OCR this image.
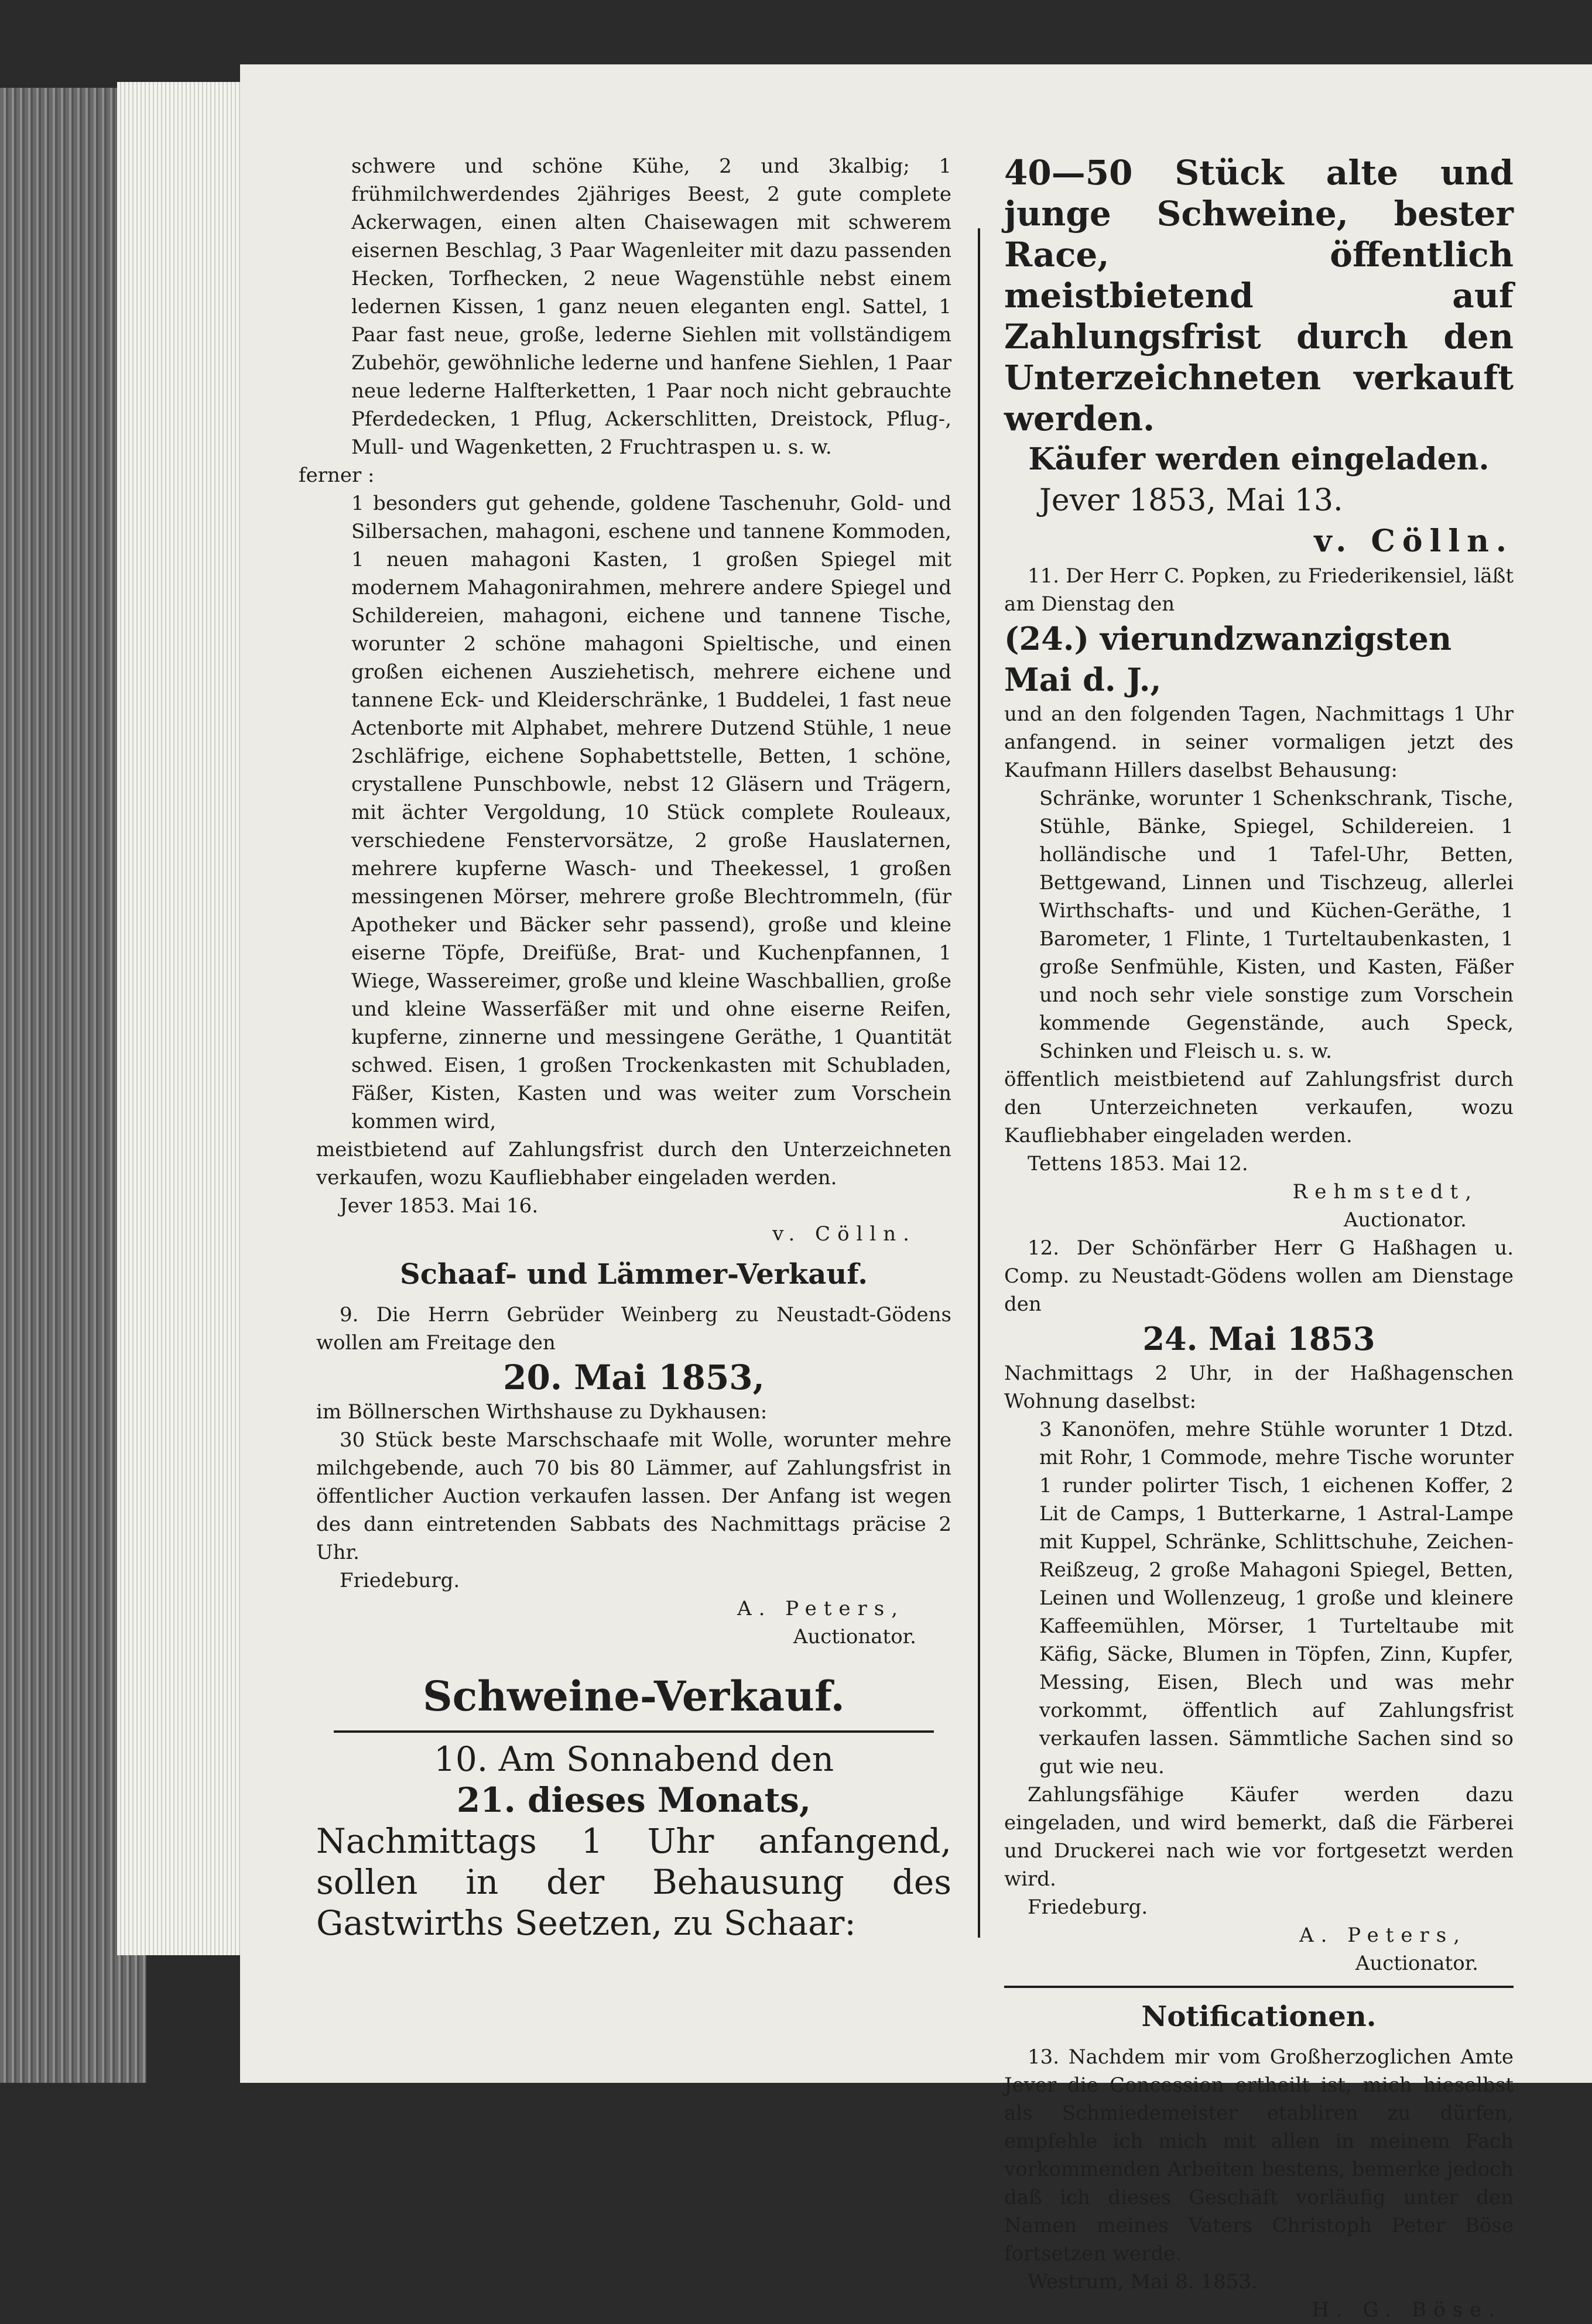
schwere und schöne Kühe, 2 und 3kalbig; 1 frühmilchwerdendes 2jähriges Beest, 2 gute complete Ackerwagen, einen alten Chaisewagen mit schwerem eisernen Beschlag, 3 Paar Wagenleiter mit dazu passenden Hecken, Torfhecken, 2 neue Wagenstühle nebst einem ledernen Kissen, 1 ganz neuen eleganten engl. Sattel, 1 Paar fast neue, große, lederne Siehlen mit vollständigem Zubehör, gewöhnliche lederne und hanfene Siehlen, 1 Paar neue lederne Halfterketten, 1 Paar noch nicht gebrauchte Pferdedecken, 1 Pflug, Ackerschlitten, Dreistock, Pflug-, Mull- und Wagenketten, 2 Fruchtraspen u. s. w.

ferner :

1 besonders gut gehende, goldene Taschenuhr, Gold- und Silbersachen, mahagoni, eschene und tannene Kommoden, 1 neuen mahagoni Kasten, 1 großen Spiegel mit modernem Mahagonirahmen, mehrere andere Spiegel und Schildereien, mahagoni, eichene und tannene Tische, worunter 2 schöne mahagoni Spieltische, und einen großen eichenen Ausziehetisch, mehrere eichene und tannene Eck- und Kleiderschränke, 1 Buddelei, 1 fast neue Actenborte mit Alphabet, mehrere Dutzend Stühle, 1 neue 2schläfrige, eichene Sophabettstelle, Betten, 1 schöne, crystallene Punschbowle, nebst 12 Gläsern und Trägern, mit ächter Vergoldung, 10 Stück complete Rouleaux, verschiedene Fenstervorsätze, 2 große Hauslaternen, mehrere kupferne Wasch- und Theekessel, 1 großen messingenen Mörser, mehrere große Blechtrommeln, (für Apotheker und Bäcker sehr passend), große und kleine eiserne Töpfe, Dreifüße, Brat- und Kuchenpfannen, 1 Wiege, Wassereimer, große und kleine Waschballien, große und kleine Wasserfäßer mit und ohne eiserne Reifen, kupferne, zinnerne und messingene Geräthe, 1 Quantität schwed. Eisen, 1 großen Trockenkasten mit Schubladen, Fäßer, Kisten, Kasten und was weiter zum Vorschein kommen wird,

meistbietend auf Zahlungsfrist durch den Unterzeichneten verkaufen, wozu Kaufliebhaber eingeladen werden.

Jever 1853. Mai 16.

v. Cölln.

Schaaf- und Lämmer-Verkauf.

9. Die Herrn Gebrüder Weinberg zu Neustadt-Gödens wollen am Freitage den

20. Mai 1853,

im Böllnerschen Wirthshause zu Dykhausen:

30 Stück beste Marschschaafe mit Wolle, worunter mehre milchgebende, auch 70 bis 80 Lämmer, auf Zahlungsfrist in öffentlicher Auction verkaufen lassen. Der Anfang ist wegen des dann eintretenden Sabbats des Nachmittags präcise 2 Uhr.

Friedeburg.

A. Peters,

Auctionator.

Schweine-Verkauf.

10. Am Sonnabend den

21. dieses Monats,

Nachmittags 1 Uhr anfangend, sollen in der Behausung des Gastwirths Seetzen, zu Schaar:

40—50 Stück alte und junge Schweine, bester Race, öffentlich meistbietend auf Zahlungsfrist durch den Unterzeichneten verkauft werden.

Käufer werden eingeladen.

Jever 1853, Mai 13.

v. Cölln.

11. Der Herr C. Popken, zu Friederikensiel, läßt am Dienstag den

(24.) vierundzwanzigsten Mai d. J.,

und an den folgenden Tagen, Nachmittags 1 Uhr anfangend. in seiner vormaligen jetzt des Kaufmann Hillers daselbst Behausung:

Schränke, worunter 1 Schenkschrank, Tische, Stühle, Bänke, Spiegel, Schildereien. 1 holländische und 1 Tafel-Uhr, Betten, Bettgewand, Linnen und Tischzeug, allerlei Wirthschafts- und und Küchen-Geräthe, 1 Barometer, 1 Flinte, 1 Turteltaubenkasten, 1 große Senfmühle, Kisten, und Kasten, Fäßer und noch sehr viele sonstige zum Vorschein kommende Gegenstände, auch Speck, Schinken und Fleisch u. s. w.

öffentlich meistbietend auf Zahlungsfrist durch den Unterzeichneten verkaufen, wozu Kaufliebhaber eingeladen werden.

Tettens 1853. Mai 12.

Rehmstedt,

Auctionator.

12. Der Schönfärber Herr G Haßhagen u. Comp. zu Neustadt-Gödens wollen am Dienstage den

24. Mai 1853

Nachmittags 2 Uhr, in der Haßhagenschen Wohnung daselbst:

3 Kanonöfen, mehre Stühle worunter 1 Dtzd. mit Rohr, 1 Commode, mehre Tische worunter 1 runder polirter Tisch, 1 eichenen Koffer, 2 Lit de Camps, 1 Butterkarne, 1 Astral-Lampe mit Kuppel, Schränke, Schlittschuhe, Zeichen-Reißzeug, 2 große Mahagoni Spiegel, Betten, Leinen und Wollenzeug, 1 große und kleinere Kaffeemühlen, Mörser, 1 Turteltaube mit Käfig, Säcke, Blumen in Töpfen, Zinn, Kupfer, Messing, Eisen, Blech und was mehr vorkommt, öffentlich auf Zahlungsfrist verkaufen lassen. Sämmtliche Sachen sind so gut wie neu.

Zahlungsfähige Käufer werden dazu eingeladen, und wird bemerkt, daß die Färberei und Druckerei nach wie vor fortgesetzt werden wird.

Friedeburg.

A. Peters,

Auctionator.

Notificationen.

13. Nachdem mir vom Großherzoglichen Amte Jever die Concession ertheilt ist, mich hieselbst als Schmiedemeister etabliren zu dürfen, empfehle ich mich mit allen in meinem Fach vorkommenden Arbeiten bestens, bemerke jedoch daß ich dieses Geschäft vorläufig unter den Namen meines Vaters Christoph Peter Böse fortsetzen werde.

Westrum, Mai 8. 1853.

H. G. Böse.
